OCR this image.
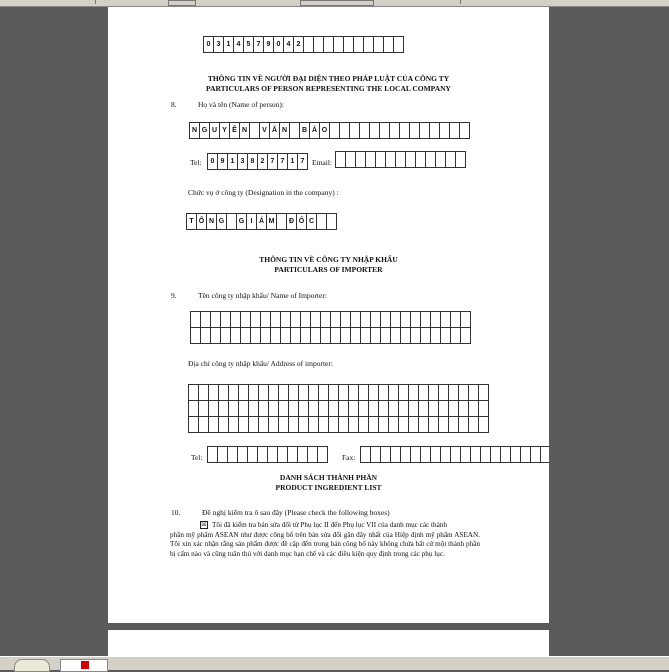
0 3 1 4 5 7 9 0 4 2
THÔNG TIN VỀ NGƯỜI ĐẠI DIỆN THEO PHÁP LUẬT CỦA CÔNG TY
PARTICULARS OF PERSON REPRESENTING THE LOCAL COMPANY
8.	Họ và tên (Name of person):
N G U Y Ê N	V Ă N	B Ả O
Tel:	0 9 1 3 8 2 7 7 1 7	Email:
Chức vụ ở công ty (Designation in the company) :
T Ổ N G	G I Á M	Đ Ố C
THÔNG TIN VỀ CÔNG TY NHẬP KHẨU
PARTICULARS OF IMPORTER
9.	Tên công ty nhập khẩu/ Name of Importer:
Địa chỉ công ty nhập khẩu/ Address of importer:
Tel:	Fax:
DANH SÁCH THÀNH PHẦN
PRODUCT INGREDIENT LIST
10.	Đề nghị kiểm tra ô sau đây (Please check the following boxes)
☒ Tôi đã kiểm tra bản sửa đổi từ Phụ lục II đến Phụ lục VII của danh mục các thành
phần mỹ phẩm ASEAN như được công bố trên bản sửa đổi gần đây nhất của Hiệp định mỹ phẩm ASEAN. Tôi xin xác nhận rằng sản phẩm được đề cập đến trong bản công bố này không chứa bất cứ một thành phần bị cấm nào và cũng tuân thủ với danh mục hạn chế và các điều kiện quy định trong các phụ lục.
